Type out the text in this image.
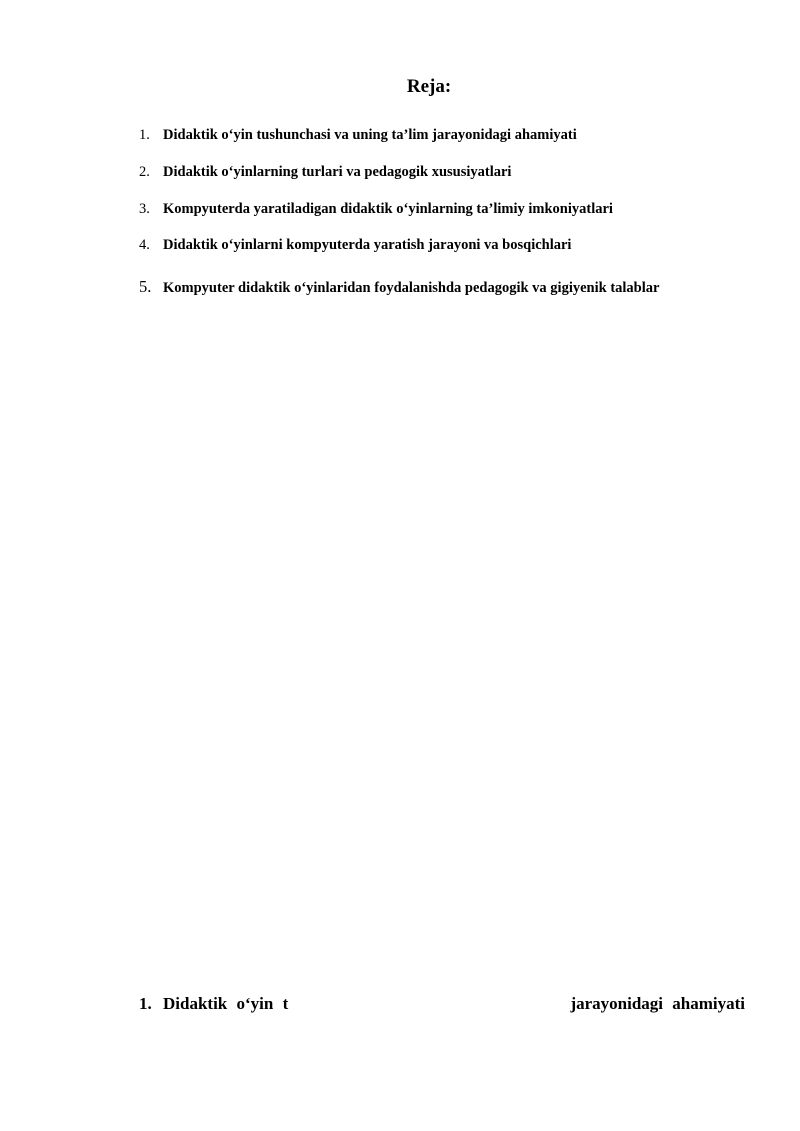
Reja:
1. Didaktik o‘yin tushunchasi va uning ta’lim jarayonidagi ahamiyati
2. Didaktik o‘yinlarning turlari va pedagogik xususiyatlari
3. Kompyuterda yaratiladigan didaktik o‘yinlarning ta’limiy imkoniyatlari
4. Didaktik o‘yinlarni kompyuterda yaratish jarayoni va bosqichlari
5. Kompyuter didaktik o‘yinlaridan foydalanishda pedagogik va gigiyenik talablar
1. Didaktik o‘yin t	jarayonidagi ahamiyati
